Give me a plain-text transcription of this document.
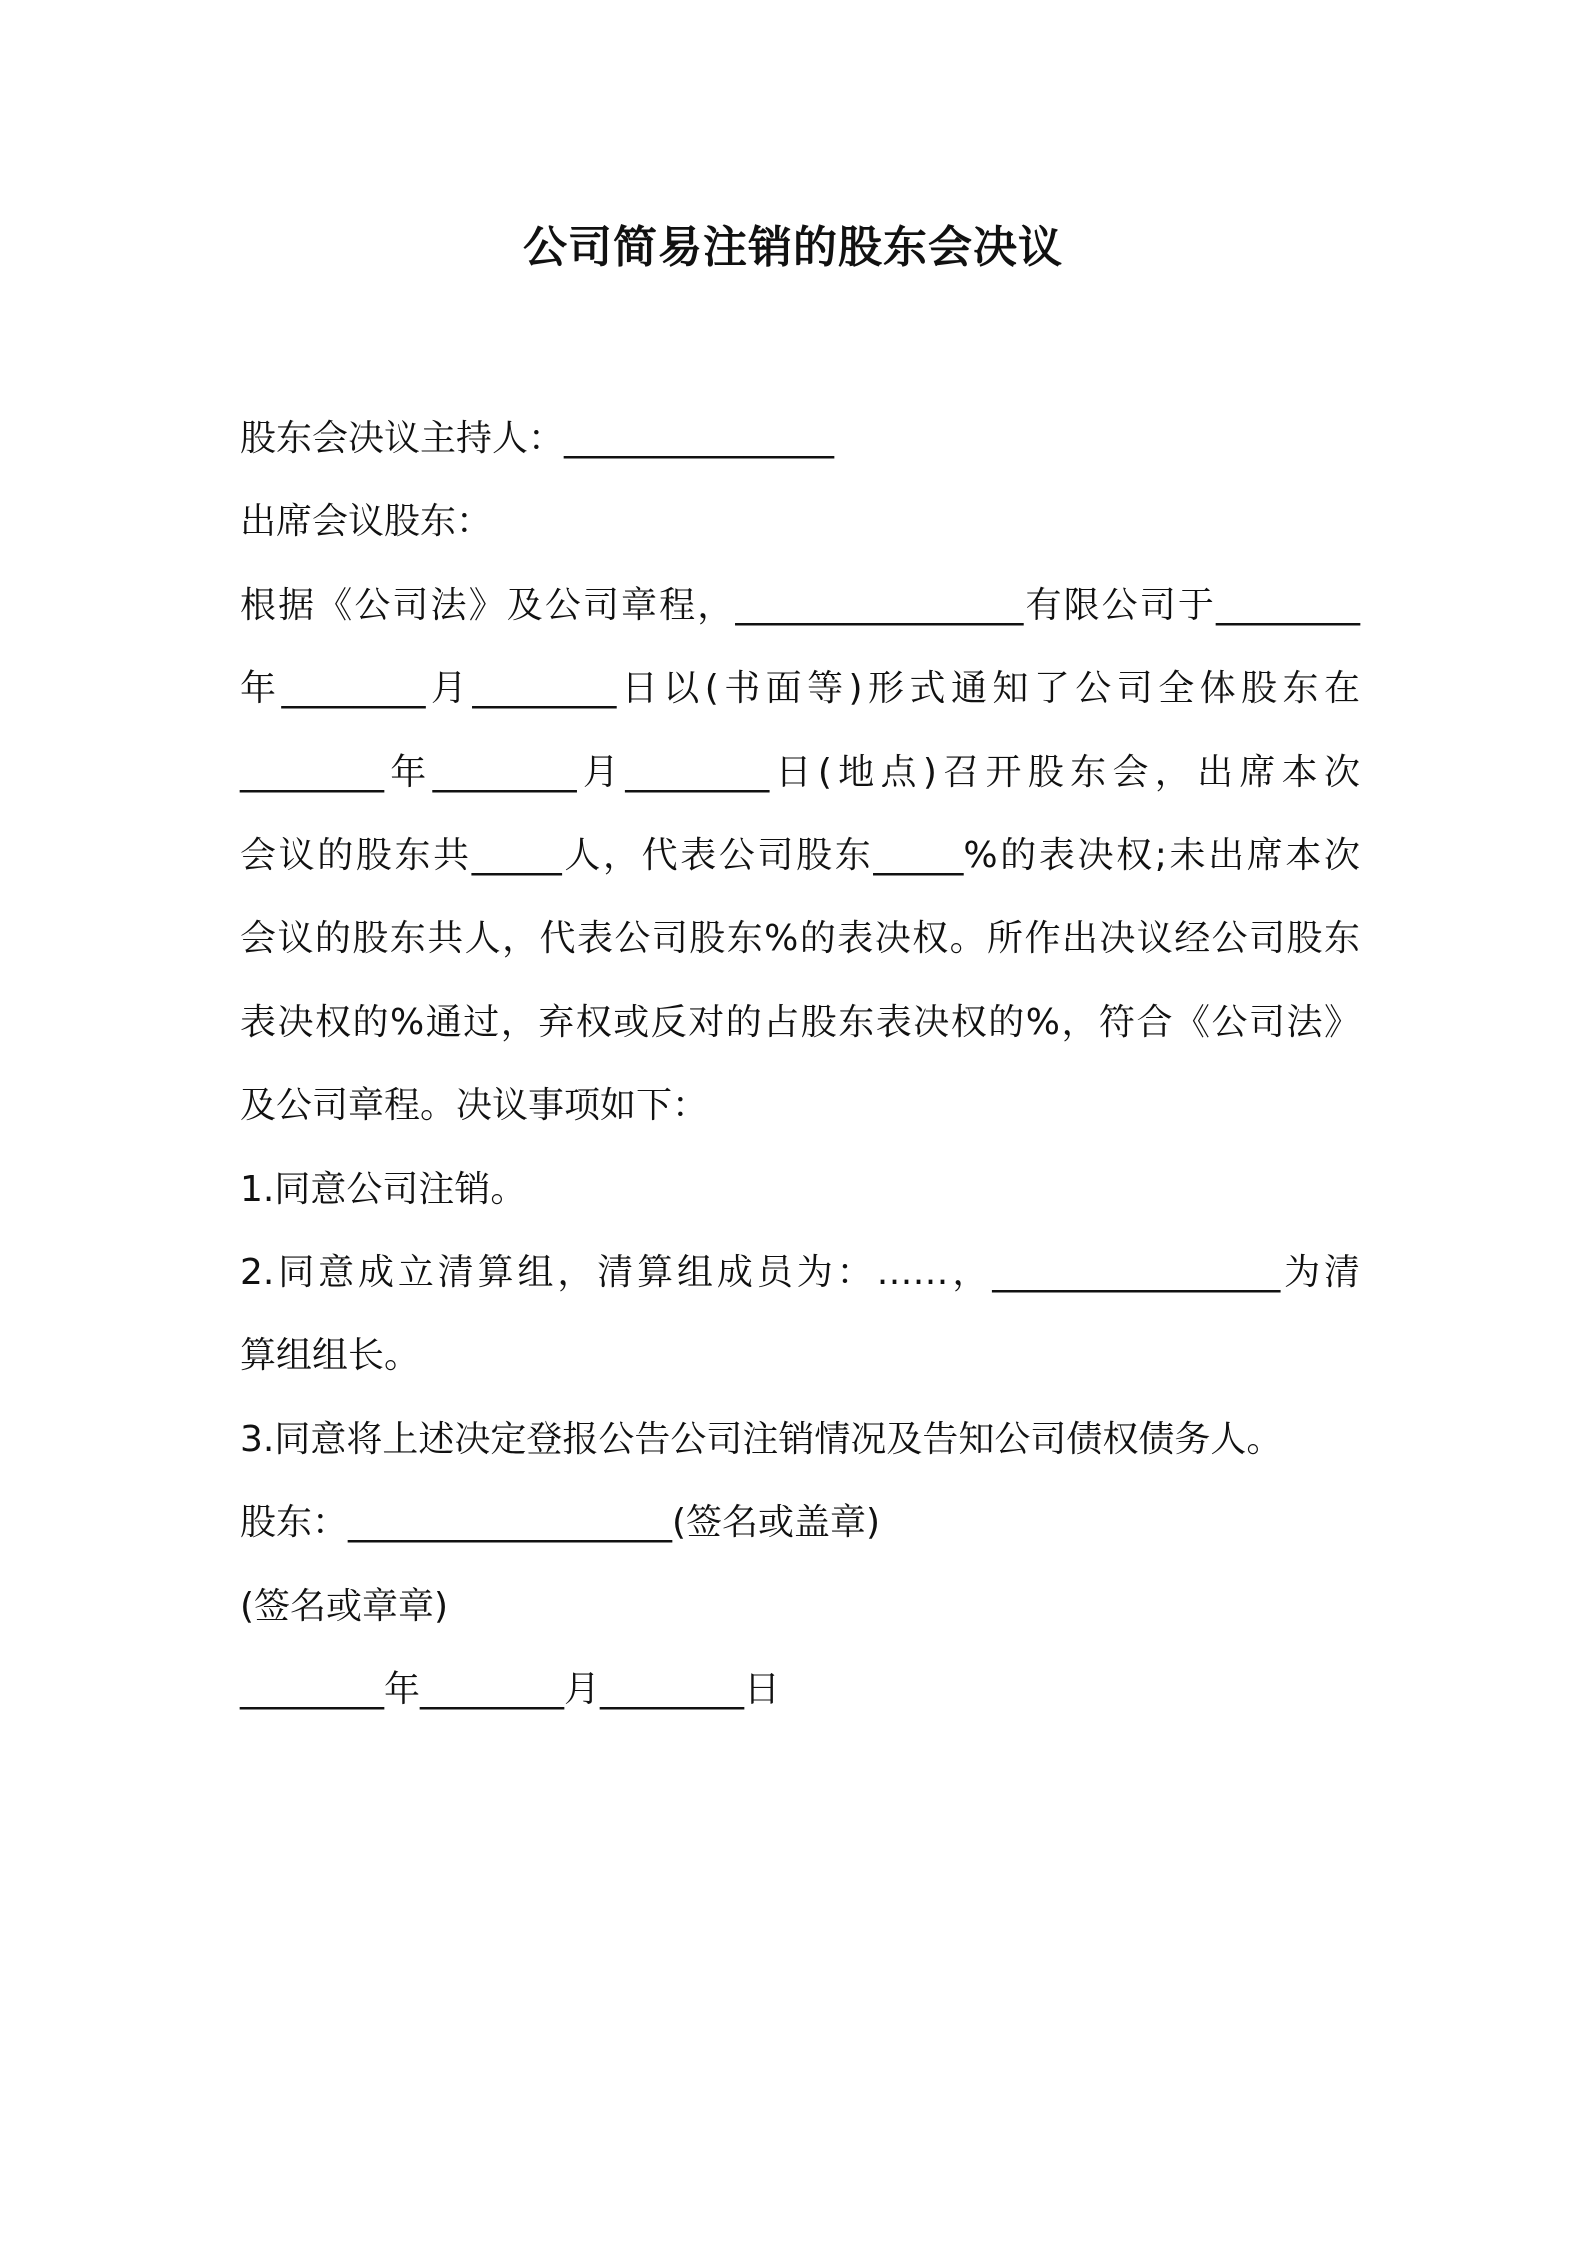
公司简易注销的股东会决议
股东会决议主持人：_______________
出席会议股东：
根据《公司法》及公司章程，________________有限公司于________
年________月________日以(书面等)形式通知了公司全体股东在
________年________月________日(地点)召开股东会，出席本次
会议的股东共_____人，代表公司股东_____%的表决权;未出席本次
会议的股东共人，代表公司股东%的表决权。所作出决议经公司股东
表决权的%通过，弃权或反对的占股东表决权的%，符合《公司法》
及公司章程。决议事项如下：
1.同意公司注销。
2.同意成立清算组，清算组成员为：……，________________为清
算组组长。
3.同意将上述决定登报公告公司注销情况及告知公司债权债务人。
股东：__________________(签名或盖章)
(签名或章章)
________年________月________日
